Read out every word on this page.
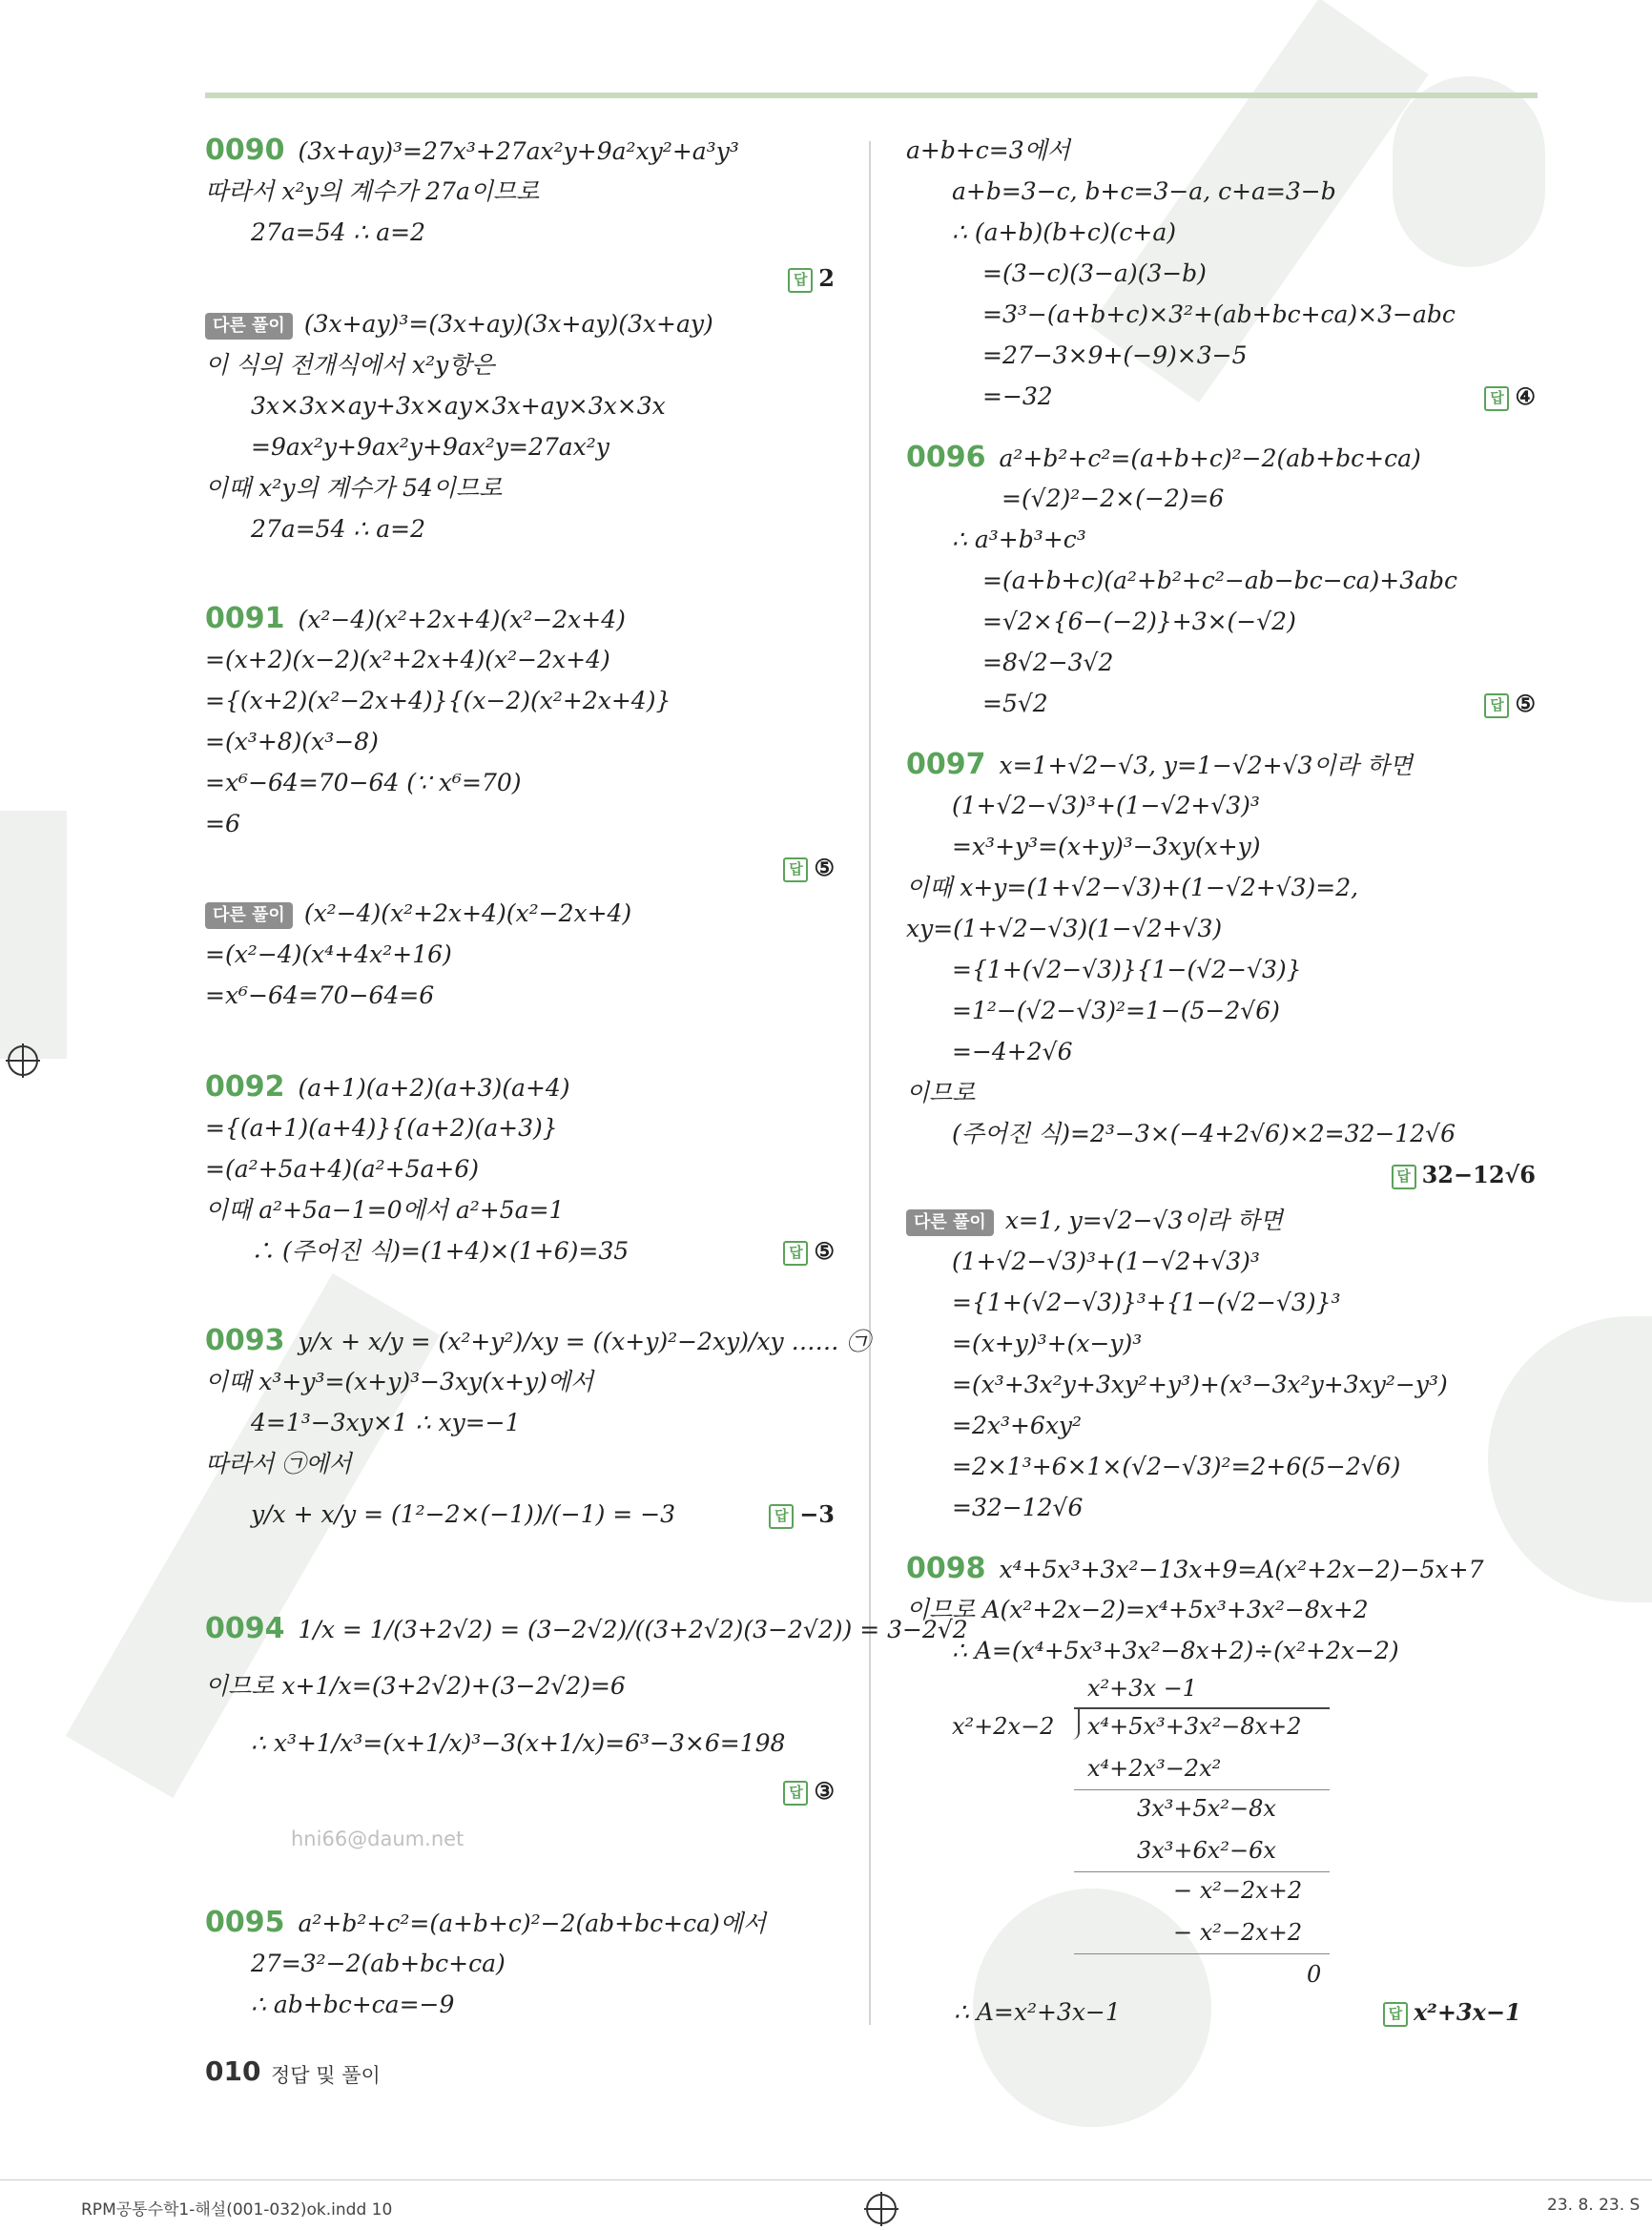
0090 (3x+ay)³=27x³+27ax²y+9a²xy²+a³y³
따라서 x²y의 계수가 27a이므로
27a=54 ∴ a=2
답 2
다른 풀이 (3x+ay)³=(3x+ay)(3x+ay)(3x+ay)
이 식의 전개식에서 x²y항은
3x×3x×ay+3x×ay×3x+ay×3x×3x
=9ax²y+9ax²y+9ax²y=27ax²y
이때 x²y의 계수가 54이므로
27a=54 ∴ a=2
0091 (x²−4)(x²+2x+4)(x²−2x+4)
=(x+2)(x−2)(x²+2x+4)(x²−2x+4)
={(x+2)(x²−2x+4)}{(x−2)(x²+2x+4)}
=(x³+8)(x³−8)
=x⁶−64=70−64 (∵ x⁶=70)
=6
답 ⑤
다른 풀이 (x²−4)(x²+2x+4)(x²−2x+4)
=(x²−4)(x⁴+4x²+16)
=x⁶−64=70−64=6
0092 (a+1)(a+2)(a+3)(a+4)
={(a+1)(a+4)}{(a+2)(a+3)}
=(a²+5a+4)(a²+5a+6)
이때 a²+5a−1=0에서 a²+5a=1
∴ (주어진 식)=(1+4)×(1+6)=35	답 ⑤
0093 y/x + x/y = (x²+y²)/xy = ((x+y)²−2xy)/xy …… ㉠
이때 x³+y³=(x+y)³−3xy(x+y)에서
4=1³−3xy×1 ∴ xy=−1
따라서 ㉠에서
y/x + x/y = (1²−2×(−1))/(−1) = −3	답 −3
0094 1/x = 1/(3+2√2) = (3−2√2)/((3+2√2)(3−2√2)) = 3−2√2
이므로 x+1/x=(3+2√2)+(3−2√2)=6
∴ x³+1/x³=(x+1/x)³−3(x+1/x)=6³−3×6=198
답 ③
0095 a²+b²+c²=(a+b+c)²−2(ab+bc+ca)에서
27=3²−2(ab+bc+ca)
∴ ab+bc+ca=−9
a+b+c=3에서
a+b=3−c, b+c=3−a, c+a=3−b
∴ (a+b)(b+c)(c+a)
=(3−c)(3−a)(3−b)
=3³−(a+b+c)×3²+(ab+bc+ca)×3−abc
=27−3×9+(−9)×3−5
=−32	답 ④
0096 a²+b²+c²=(a+b+c)²−2(ab+bc+ca)
=(√2)²−2×(−2)=6
∴ a³+b³+c³
=(a+b+c)(a²+b²+c²−ab−bc−ca)+3abc
=√2×{6−(−2)}+3×(−√2)
=8√2−3√2
=5√2	답 ⑤
0097 x=1+√2−√3, y=1−√2+√3이라 하면
(1+√2−√3)³+(1−√2+√3)³
=x³+y³=(x+y)³−3xy(x+y)
이때 x+y=(1+√2−√3)+(1−√2+√3)=2,
xy=(1+√2−√3)(1−√2+√3)
={1+(√2−√3)}{1−(√2−√3)}
=1²−(√2−√3)²=1−(5−2√6)
=−4+2√6
이므로
(주어진 식)=2³−3×(−4+2√6)×2=32−12√6
답 32−12√6
다른 풀이 x=1, y=√2−√3이라 하면
(1+√2−√3)³+(1−√2+√3)³
={1+(√2−√3)}³+{1−(√2−√3)}³
=(x+y)³+(x−y)³
=(x³+3x²y+3xy²+y³)+(x³−3x²y+3xy²−y³)
=2x³+6xy²
=2×1³+6×1×(√2−√3)²=2+6(5−2√6)
=32−12√6
0098 x⁴+5x³+3x²−13x+9=A(x²+2x−2)−5x+7
이므로 A(x²+2x−2)=x⁴+5x³+3x²−8x+2
∴ A=(x⁴+5x³+3x²−8x+2)÷(x²+2x−2)
x²+3x −1
x²+2x−2 x⁴+5x³+3x²−8x+2
x⁴+2x³−2x²
3x³+5x²−8x
3x³+6x²−6x
− x²−2x+2
− x²−2x+2
0
∴ A=x²+3x−1	답 x²+3x−1
hni66@daum.net
010 정답 및 풀이
RPM공통수학1-해설(001-032)ok.indd 10	23. 8. 23. S
